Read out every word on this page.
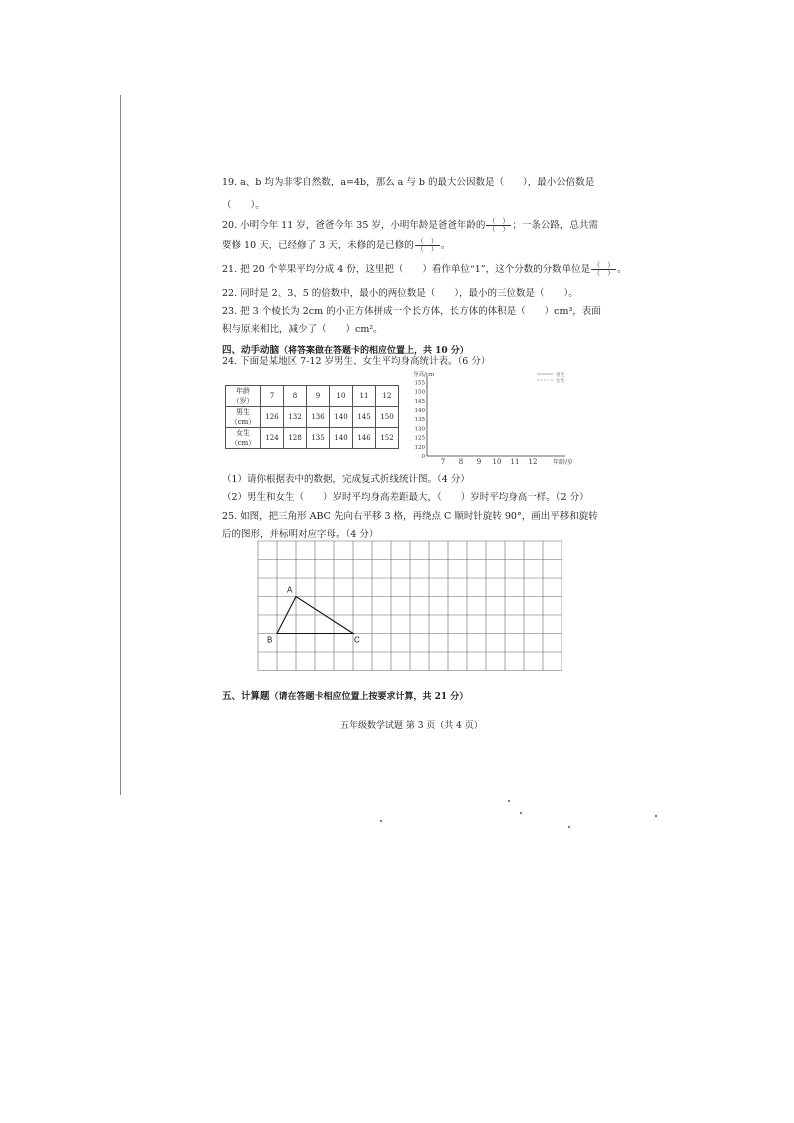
19. a、b 均为非零自然数，a=4b，那么 a 与 b 的最大公因数是（　　），最小公倍数是
（　　）。
20. 小明今年 11 岁，爸爸今年 35 岁，小明年龄是爸爸年龄的 $\frac{( )}{( )}$ ；一条公路，总共需
要修 10 天，已经修了 3 天，未修的是已修的 $\frac{( )}{( )}$ 。
21. 把 20 个苹果平均分成 4 份，这里把（　　）看作单位“1”，这个分数的分数单位是 $\frac{( )}{( )}$ 。
22. 同时是 2、3、5 的倍数中，最小的两位数是（　　），最小的三位数是（　　）。
23. 把 3 个棱长为 2cm 的小正方体拼成一个长方体，长方体的体积是（　　）cm³，表面
积与原来相比，减少了（　　）cm²。
四、动手动脑（将答案做在答题卡的相应位置上，共 10 分）
24. 下面是某地区 7-12 岁男生、女生平均身高统计表。（6 分）
年龄
（岁）	7	8	9	10	11	12
男生
（cm）	126	132	136	140	145	150
女生
（cm）	124	128	135	140	146	152
身高/cm
0
120
125
130
135
140
145
150
155
7 8 9 10 11 12	年龄/岁
男生
女生
（1）请你根据表中的数据，完成复式折线统计图。（4 分）
（2）男生和女生（　　）岁时平均身高差距最大，（　　）岁时平均身高一样。（2 分）
25. 如图，把三角形 ABC 先向右平移 3 格，再绕点 C 顺时针旋转 90°，画出平移和旋转
后的图形，并标明对应字母。（4 分）
A
B	C
五、计算题（请在答题卡相应位置上按要求计算，共 21 分）
五年级数学试题 第 3 页（共 4 页）
